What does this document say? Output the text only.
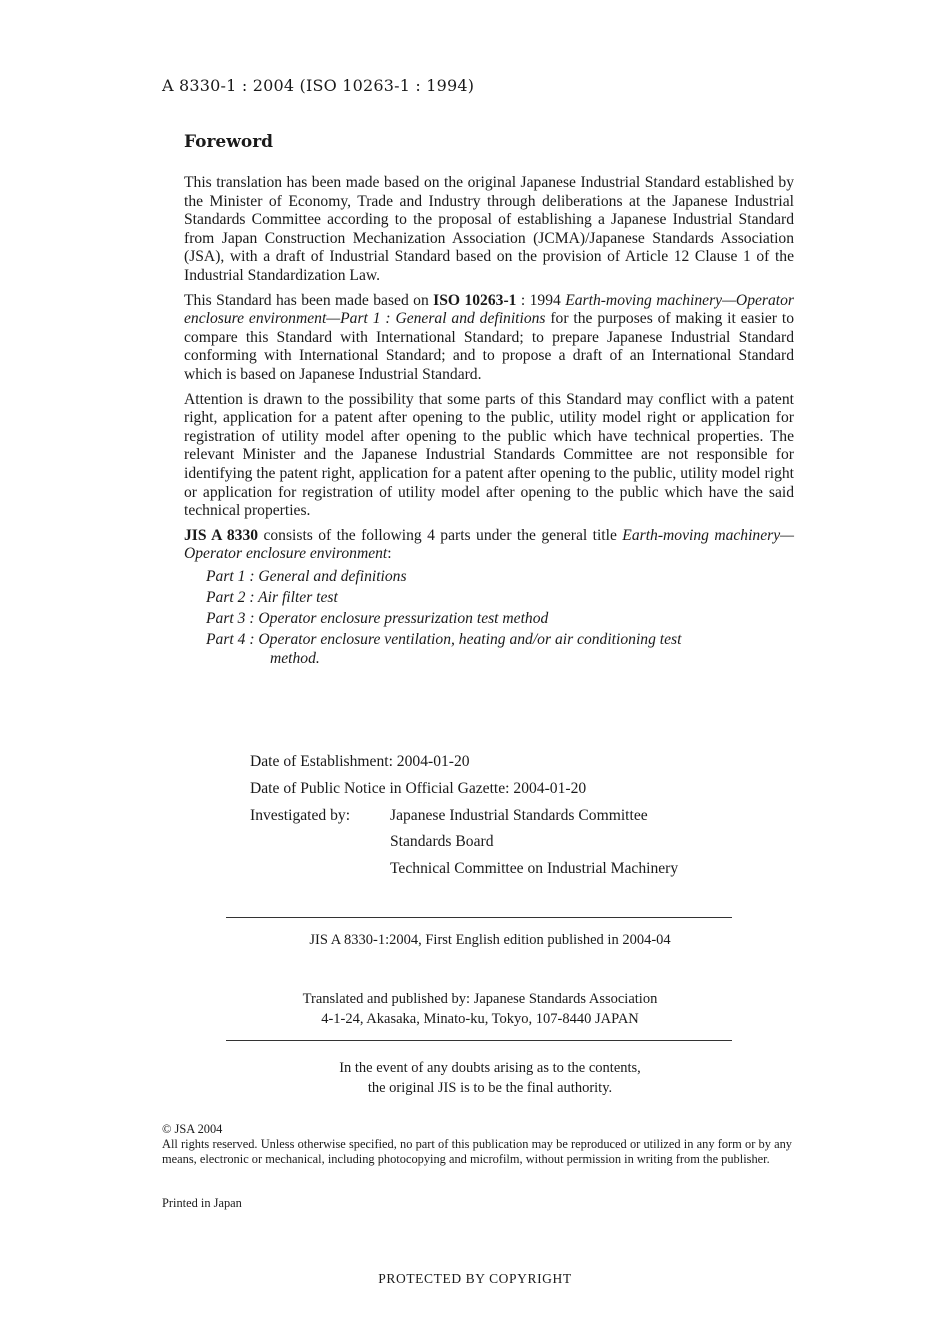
A 8330-1 : 2004 (ISO 10263-1 : 1994)
Foreword

This translation has been made based on the original Japanese Industrial Standard established by the Minister of Economy, Trade and Industry through deliberations at the Japanese Industrial Standards Committee according to the proposal of establishing a Japanese Industrial Standard from Japan Construction Mechanization Association (JCMA)/Japanese Standards Association (JSA), with a draft of Industrial Standard based on the provision of Article 12 Clause 1 of the Industrial Standardization Law.

This Standard has been made based on ISO 10263-1 : 1994 Earth-moving machinery—Operator enclosure environment—Part 1 : General and definitions for the purposes of making it easier to compare this Standard with International Standard; to prepare Japanese Industrial Standard conforming with International Standard; and to propose a draft of an International Standard which is based on Japanese Industrial Standard.

Attention is drawn to the possibility that some parts of this Standard may conflict with a patent right, application for a patent after opening to the public, utility model right or application for registration of utility model after opening to the public which have technical properties. The relevant Minister and the Japanese Industrial Standards Committee are not responsible for identifying the patent right, application for a patent after opening to the public, utility model right or application for registration of utility model after opening to the public which have the said technical properties.

JIS A 8330 consists of the following 4 parts under the general title Earth-moving machinery—Operator enclosure environment:

Part 1 : General and definitions
Part 2 : Air filter test
Part 3 : Operator enclosure pressurization test method
Part 4 : Operator enclosure ventilation, heating and/or air conditioning test
method.
Date of Establishment: 2004-01-20
Date of Public Notice in Official Gazette: 2004-01-20
Investigated by:	Japanese Industrial Standards Committee
Standards Board
Technical Committee on Industrial Machinery
JIS A 8330-1:2004, First English edition published in 2004-04
Translated and published by: Japanese Standards Association
4-1-24, Akasaka, Minato-ku, Tokyo, 107-8440 JAPAN
In the event of any doubts arising as to the contents,
the original JIS is to be the final authority.
© JSA 2004
All rights reserved. Unless otherwise specified, no part of this publication may be reproduced or utilized in any form or by any means, electronic or mechanical, including photocopying and microfilm, without permission in writing from the publisher.
Printed in Japan
PROTECTED BY COPYRIGHT
